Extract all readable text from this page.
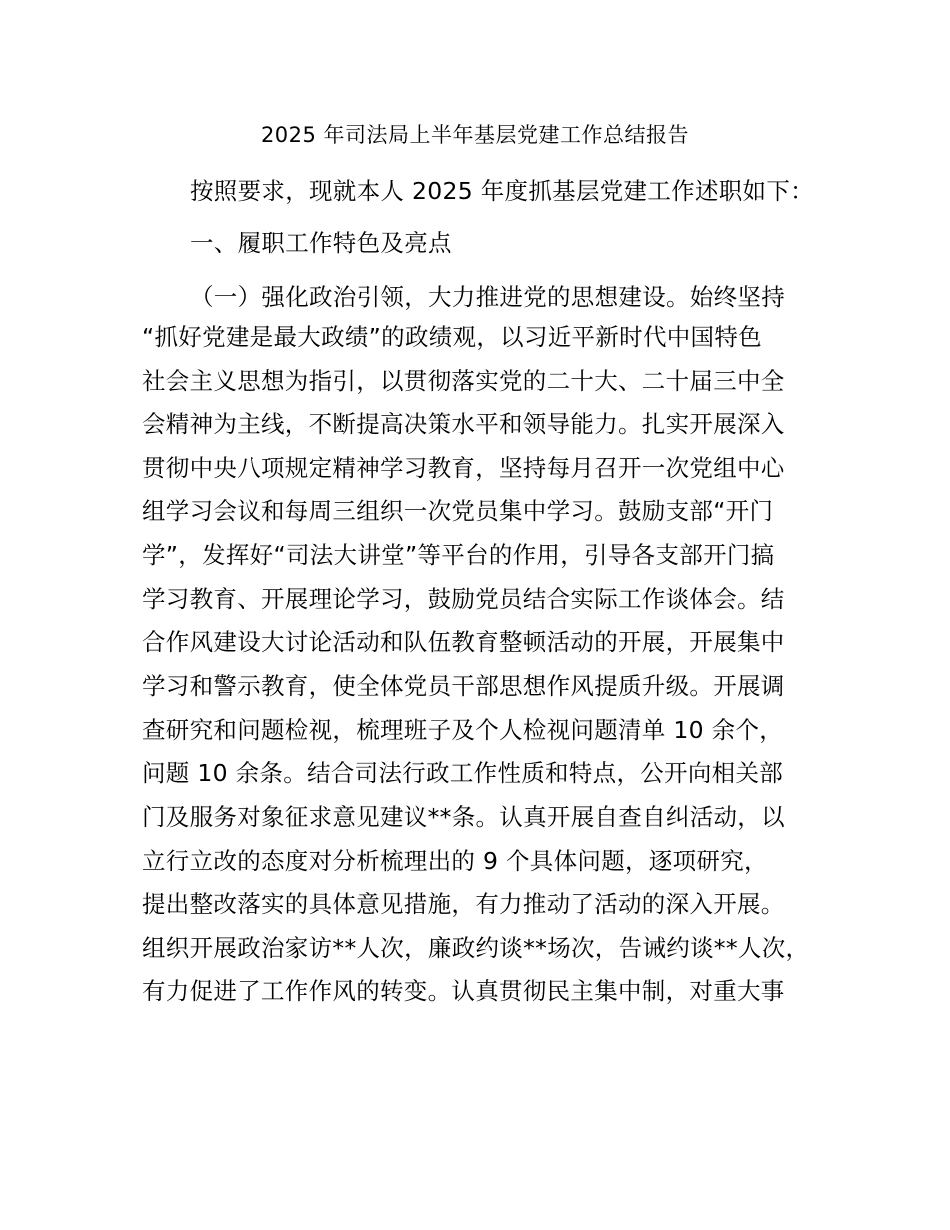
2025 年司法局上半年基层党建工作总结报告
按照要求，现就本人 2025 年度抓基层党建工作述职如下：
一、履职工作特色及亮点
（一）强化政治引领，大力推进党的思想建设。始终坚持
“抓好党建是最大政绩”的政绩观，以习近平新时代中国特色
社会主义思想为指引，以贯彻落实党的二十大、二十届三中全
会精神为主线，不断提高决策水平和领导能力。扎实开展深入
贯彻中央八项规定精神学习教育，坚持每月召开一次党组中心
组学习会议和每周三组织一次党员集中学习。鼓励支部“开门
学”，发挥好“司法大讲堂”等平台的作用，引导各支部开门搞
学习教育、开展理论学习，鼓励党员结合实际工作谈体会。结
合作风建设大讨论活动和队伍教育整顿活动的开展，开展集中
学习和警示教育，使全体党员干部思想作风提质升级。开展调
查研究和问题检视，梳理班子及个人检视问题清单 10 余个，
问题 10 余条。结合司法行政工作性质和特点，公开向相关部
门及服务对象征求意见建议**条。认真开展自查自纠活动，以
立行立改的态度对分析梳理出的 9 个具体问题，逐项研究，
提出整改落实的具体意见措施，有力推动了活动的深入开展。
组织开展政治家访**人次，廉政约谈**场次，告诫约谈**人次，
有力促进了工作作风的转变。认真贯彻民主集中制，对重大事
